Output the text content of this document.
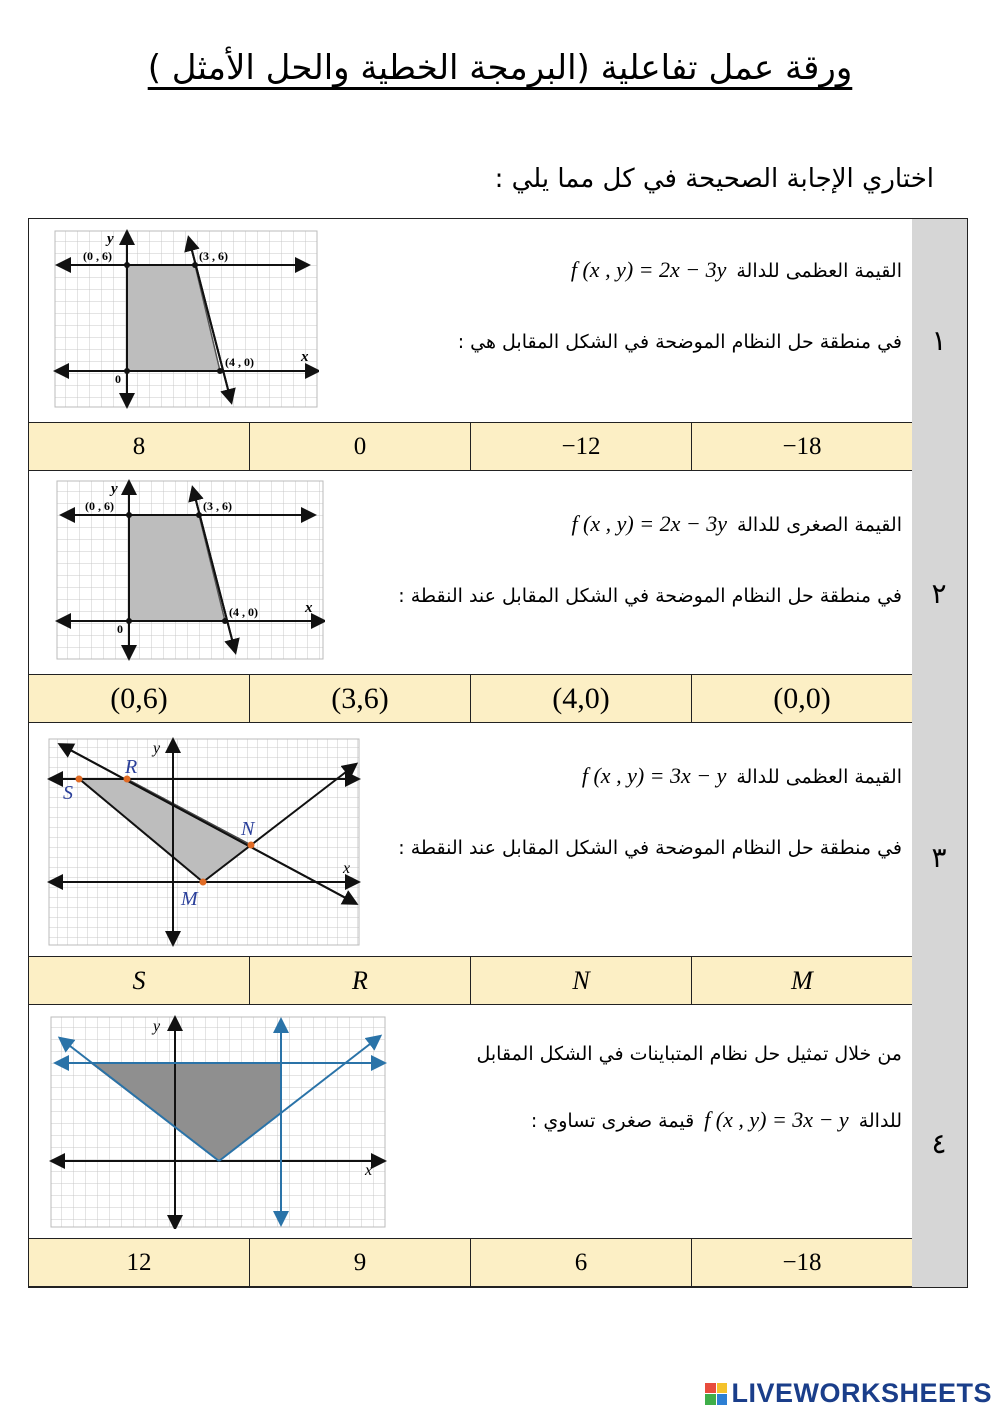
ورقة عمل تفاعلية (البرمجة الخطية والحل الأمثل )
اختاري الإجابة الصحيحة في كل مما يلي :
١
(0 , 6)	(3 , 6)
(4 , 0)
0
x
y
القيمة العظمى للدالةf (x , y) = 2x − 3y
في منطقة حل النظام الموضحة في الشكل المقابل هي :
8	0	−12	−18
٢
(0 , 6)	(3 , 6)
(4 , 0)
0
x
y
القيمة الصغرى للدالةf (x , y) = 2x − 3y
في منطقة حل النظام الموضحة في الشكل المقابل عند النقطة :
(0,6)	(3,6)	(4,0)	(0,0)
٣
R
S
N
M
x
y
القيمة العظمى للدالةf (x , y) = 3x − y
في منطقة حل النظام الموضحة في الشكل المقابل عند النقطة :
S	R	N	M
٤
x
y
من خلال تمثيل حل نظام المتباينات في الشكل المقابل
للدالةf (x , y) = 3x − yقيمة صغرى تساوي :
12	9	6	−18
LIVEWORKSHEETS
